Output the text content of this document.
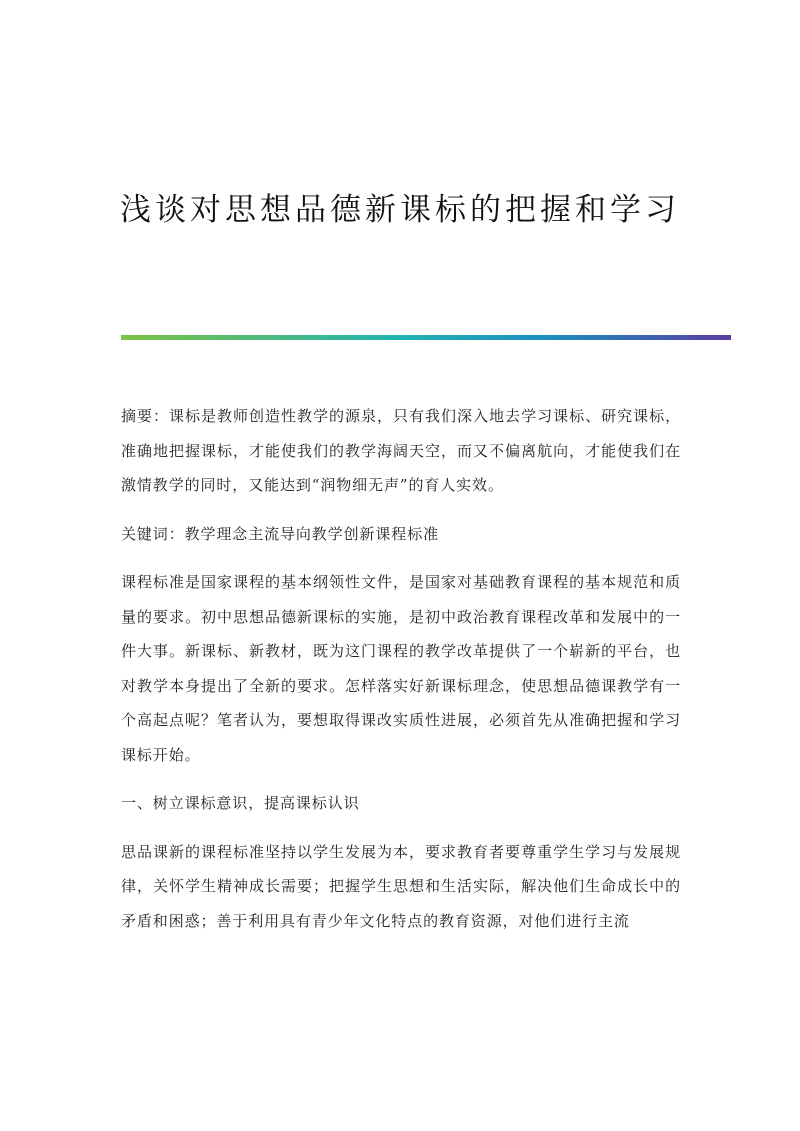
浅谈对思想品德新课标的把握和学习

摘要：课标是教师创造性教学的源泉，只有我们深入地去学习课标、研究课标，准确地把握课标，才能使我们的教学海阔天空，而又不偏离航向，才能使我们在激情教学的同时，又能达到“润物细无声”的育人实效。

关键词：教学理念主流导向教学创新课程标准

课程标准是国家课程的基本纲领性文件，是国家对基础教育课程的基本规范和质量的要求。初中思想品德新课标的实施，是初中政治教育课程改革和发展中的一件大事。新课标、新教材，既为这门课程的教学改革提供了一个崭新的平台，也对教学本身提出了全新的要求。怎样落实好新课标理念，使思想品德课教学有一个高起点呢？笔者认为，要想取得课改实质性进展，必须首先从准确把握和学习课标开始。

一、树立课标意识，提高课标认识

思品课新的课程标准坚持以学生发展为本，要求教育者要尊重学生学习与发展规律，关怀学生精神成长需要；把握学生思想和生活实际，解决他们生命成长中的矛盾和困惑；善于利用具有青少年文化特点的教育资源，对他们进行主流
